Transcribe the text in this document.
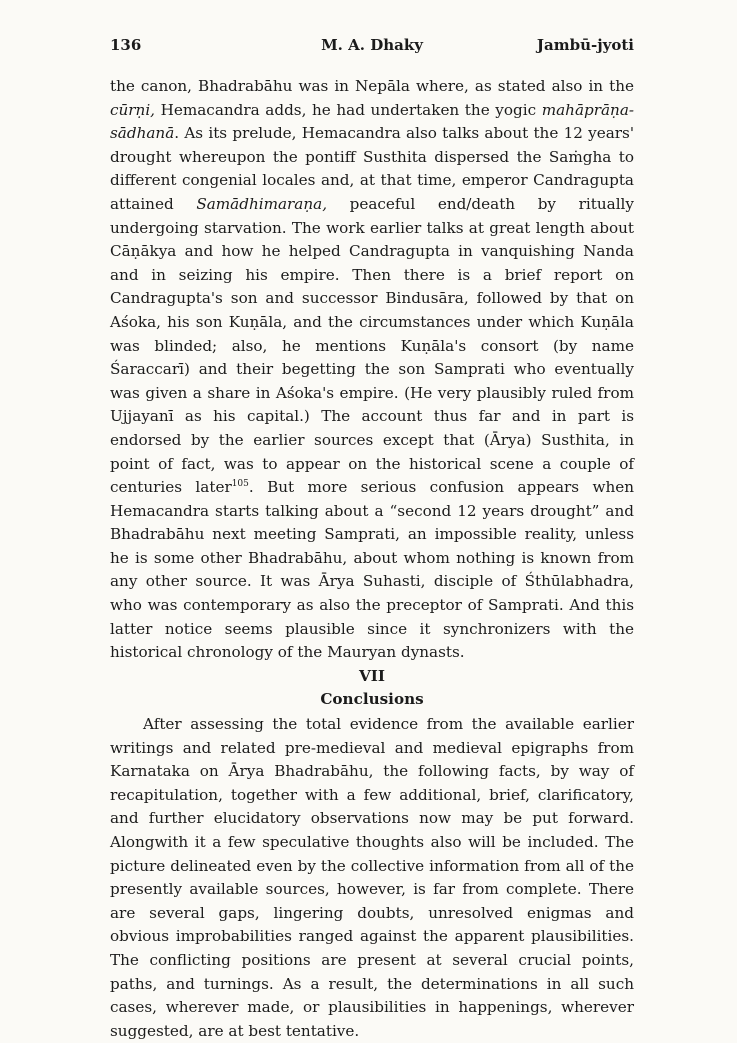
136	M. A. Dhaky	Jambū-jyoti

the canon, Bhadrabāhu was in Nepāla where, as stated also in the cūrṇi, Hemacandra adds, he had undertaken the yogic mahāprāṇa-sādhanā. As its prelude, Hemacandra also talks about the 12 years' drought whereupon the pontiff Susthita dispersed the Saṁgha to different congenial locales and, at that time, emperor Candragupta attained Samādhimaraṇa, peaceful end/death by ritually undergoing starvation. The work earlier talks at great length about Cāṇākya and how he helped Candragupta in vanquishing Nanda and in seizing his empire. Then there is a brief report on Candragupta's son and successor Bindusāra, followed by that on Aśoka, his son Kuṇāla, and the circumstances under which Kuṇāla was blinded; also, he mentions Kuṇāla's consort (by name Śaraccarī) and their begetting the son Samprati who eventually was given a share in Aśoka's empire. (He very plausibly ruled from Ujjayanī as his capital.) The account thus far and in part is endorsed by the earlier sources except that (Ārya) Susthita, in point of fact, was to appear on the historical scene a couple of centuries later$^{105}$. But more serious confusion appears when Hemacandra starts talking about a “second 12 years drought” and Bhadrabāhu next meeting Samprati, an impossible reality, unless he is some other Bhadrabāhu, about whom nothing is known from any other source. It was Ārya Suhasti, disciple of Śthūlabhadra, who was contemporary as also the preceptor of Samprati. And this latter notice seems plausible since it synchronizers with the historical chronology of the Mauryan dynasts.

VII
Conclusions

After assessing the total evidence from the available earlier writings and related pre-medieval and medieval epigraphs from Karnataka on Ārya Bhadrabāhu, the following facts, by way of recapitulation, together with a few additional, brief, clarificatory, and further elucidatory observations now may be put forward. Alongwith it a few speculative thoughts also will be included. The picture delineated even by the collective information from all of the presently available sources, however, is far from complete. There are several gaps, lingering doubts, unresolved enigmas and obvious improbabilities ranged against the apparent plausibilities. The conflicting positions are present at several crucial points, paths, and turnings. As a result, the determinations in all such cases, wherever made, or plausibilities in happenings, wherever suggested, are at best tentative.
